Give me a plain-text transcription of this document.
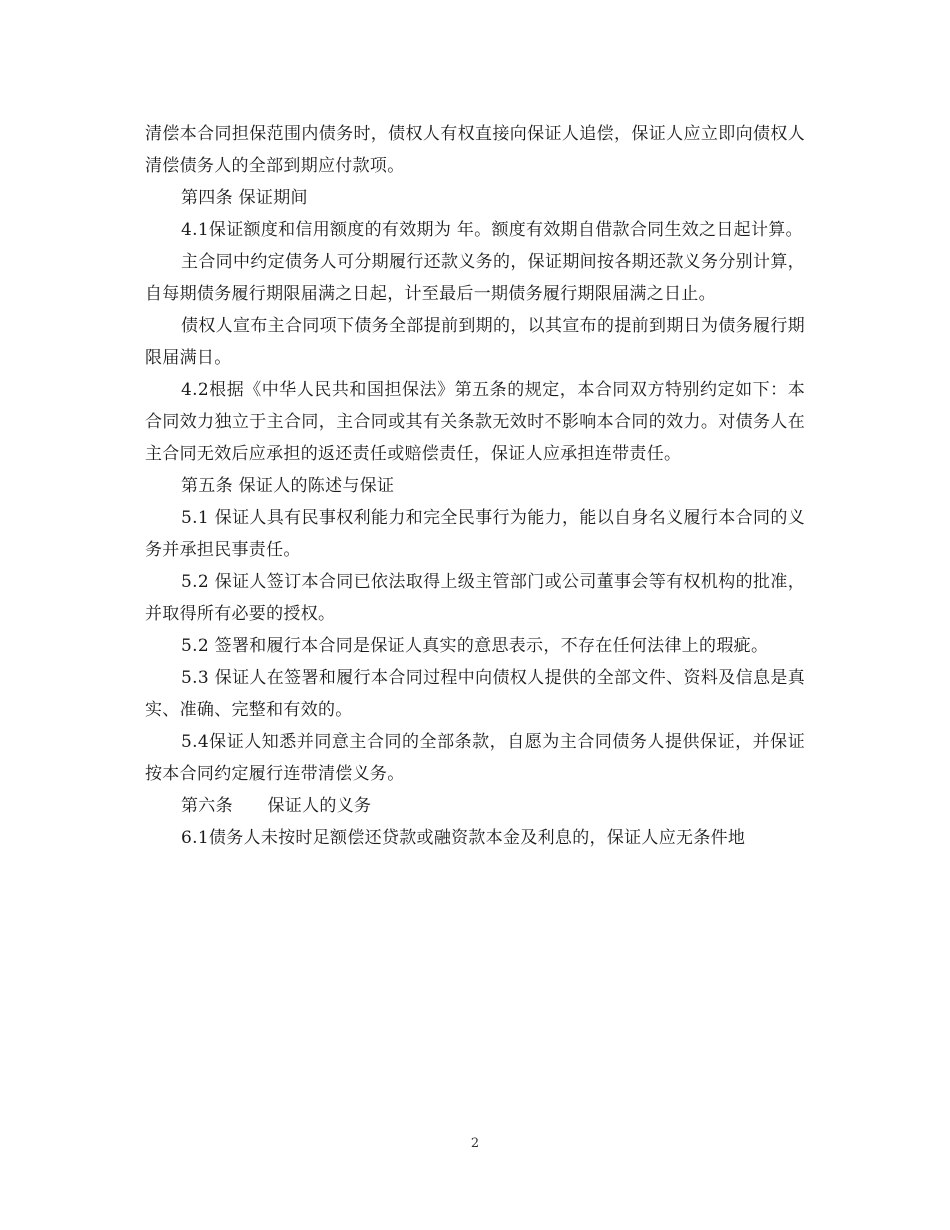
清偿本合同担保范围内债务时，债权人有权直接向保证人追偿，保证人应立即向债权人清偿债务人的全部到期应付款项。

第四条 保证期间

4.1保证额度和信用额度的有效期为 年。额度有效期自借款合同生效之日起计算。

主合同中约定债务人可分期履行还款义务的，保证期间按各期还款义务分别计算，自每期债务履行期限届满之日起，计至最后一期债务履行期限届满之日止。

债权人宣布主合同项下债务全部提前到期的，以其宣布的提前到期日为债务履行期限届满日。

4.2根据《中华人民共和国担保法》第五条的规定，本合同双方特别约定如下：本合同效力独立于主合同，主合同或其有关条款无效时不影响本合同的效力。对债务人在主合同无效后应承担的返还责任或赔偿责任，保证人应承担连带责任。

第五条 保证人的陈述与保证

5.1 保证人具有民事权利能力和完全民事行为能力，能以自身名义履行本合同的义务并承担民事责任。

5.2 保证人签订本合同已依法取得上级主管部门或公司董事会等有权机构的批准，并取得所有必要的授权。

5.2 签署和履行本合同是保证人真实的意思表示，不存在任何法律上的瑕疵。

5.3 保证人在签署和履行本合同过程中向债权人提供的全部文件、资料及信息是真实、准确、完整和有效的。

5.4保证人知悉并同意主合同的全部条款，自愿为主合同债务人提供保证，并保证按本合同约定履行连带清偿义务。

第六条　　保证人的义务

6.1债务人未按时足额偿还贷款或融资款本金及利息的，保证人应无条件地

2
